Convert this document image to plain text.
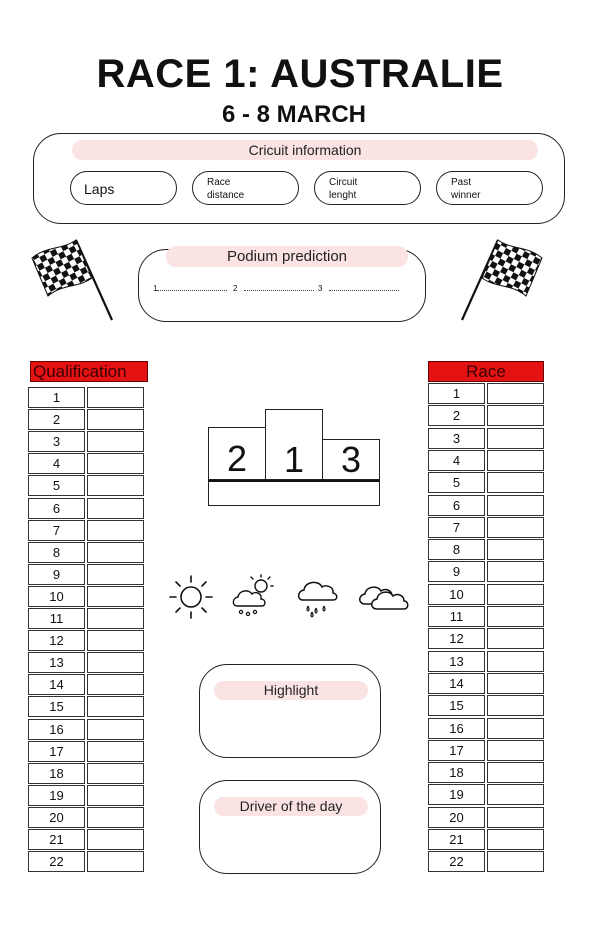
RACE 1: AUSTRALIE
6 - 8 MARCH
Cricuit information
Laps	Race
distance
Circuit
lenght
Past
winner
Podium prediction
1	2	3
Qualification
1
2
3
4
5
6
7
8
9
10
11
12
13
14
15
16
17
18
19
20
21
22
Race
1
2
3
4
5
6
7
8
9
10
11
12
13
14
15
16
17
18
19
20
21
22
2	1	3
Highlight
Driver of the day
